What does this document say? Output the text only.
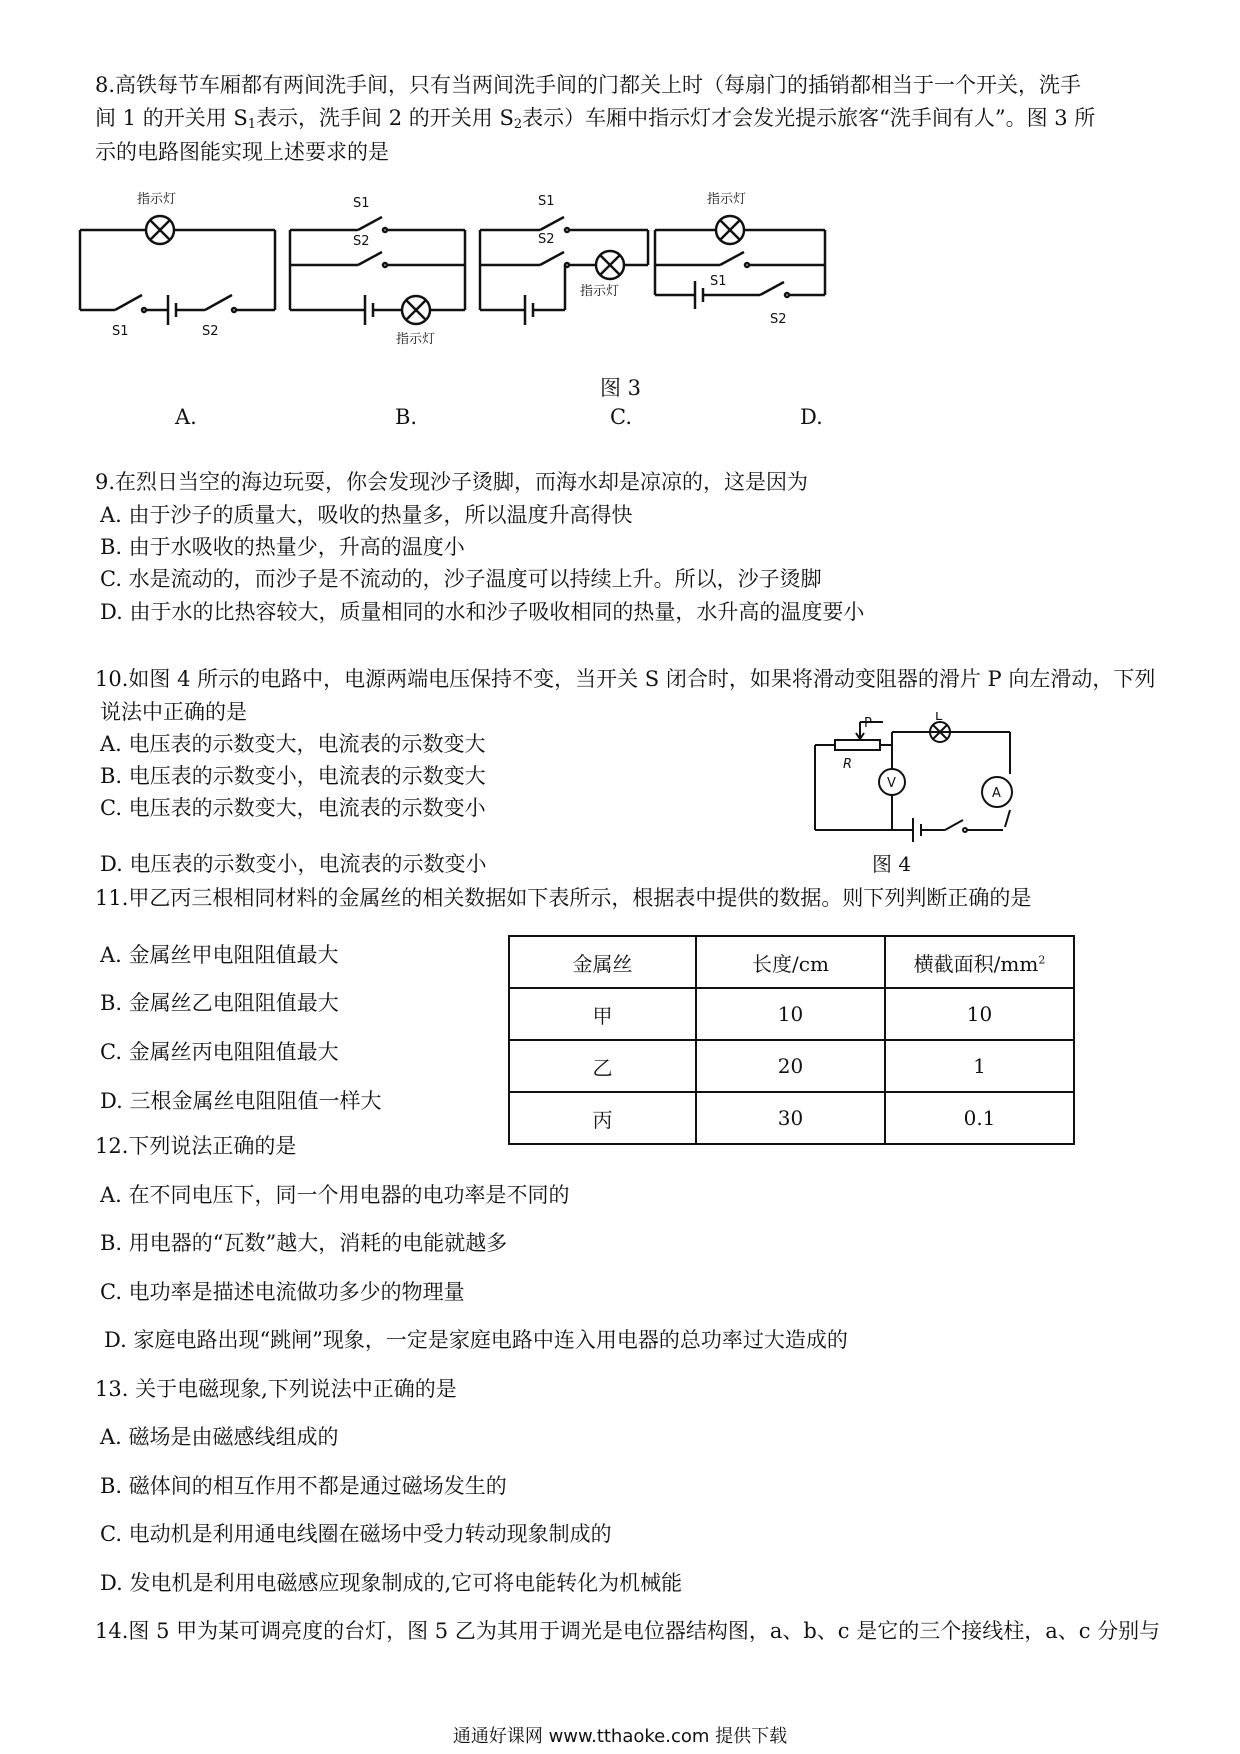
8.高铁每节车厢都有两间洗手间，只有当两间洗手间的门都关上时（每扇门的插销都相当于一个开关，洗手
间 1 的开关用 $S_1$表示，洗手间 2 的开关用 $S_2$表示）车厢中指示灯才会发光提示旅客“洗手间有人”。图 3 所
示的电路图能实现上述要求的是
指示灯
S1	S2
S1
S2
指示灯
S1
S2
指示灯
指示灯
S1
S2
图 3
A.	B.	C.	D.
9.在烈日当空的海边玩耍，你会发现沙子烫脚，而海水却是凉凉的，这是因为
A. 由于沙子的质量大，吸收的热量多，所以温度升高得快
B. 由于水吸收的热量少，升高的温度小
C. 水是流动的，而沙子是不流动的，沙子温度可以持续上升。所以，沙子烫脚
D. 由于水的比热容较大，质量相同的水和沙子吸收相同的热量，水升高的温度要小
10.如图 4 所示的电路中，电源两端电压保持不变，当开关 S 闭合时，如果将滑动变阻器的滑片 P 向左滑动，下列
说法中正确的是
A. 电压表的示数变大，电流表的示数变大
B. 电压表的示数变小，电流表的示数变大
C. 电压表的示数变大，电流表的示数变小
D. 电压表的示数变小，电流表的示数变小
P	L
R
V
A
图 4
11.甲乙丙三根相同材料的金属丝的相关数据如下表所示，根据表中提供的数据。则下列判断正确的是
A. 金属丝甲电阻阻值最大
B. 金属丝乙电阻阻值最大
C. 金属丝丙电阻阻值最大
D. 三根金属丝电阻阻值一样大
金属丝	长度/cm	横截面积$/mm^2$
甲	10	10
乙	20	1
丙	30	0.1
12.下列说法正确的是
A. 在不同电压下，同一个用电器的电功率是不同的
B. 用电器的“瓦数”越大，消耗的电能就越多
C. 电功率是描述电流做功多少的物理量
D. 家庭电路出现“跳闸”现象，一定是家庭电路中连入用电器的总功率过大造成的
13. 关于电磁现象,下列说法中正确的是
A. 磁场是由磁感线组成的
B. 磁体间的相互作用不都是通过磁场发生的
C. 电动机是利用通电线圈在磁场中受力转动现象制成的
D. 发电机是利用电磁感应现象制成的,它可将电能转化为机械能
14.图 5 甲为某可调亮度的台灯，图 5 乙为其用于调光是电位器结构图，a、b、c 是它的三个接线柱，a、c 分别与
通通好课网 www.tthaoke.com 提供下载
